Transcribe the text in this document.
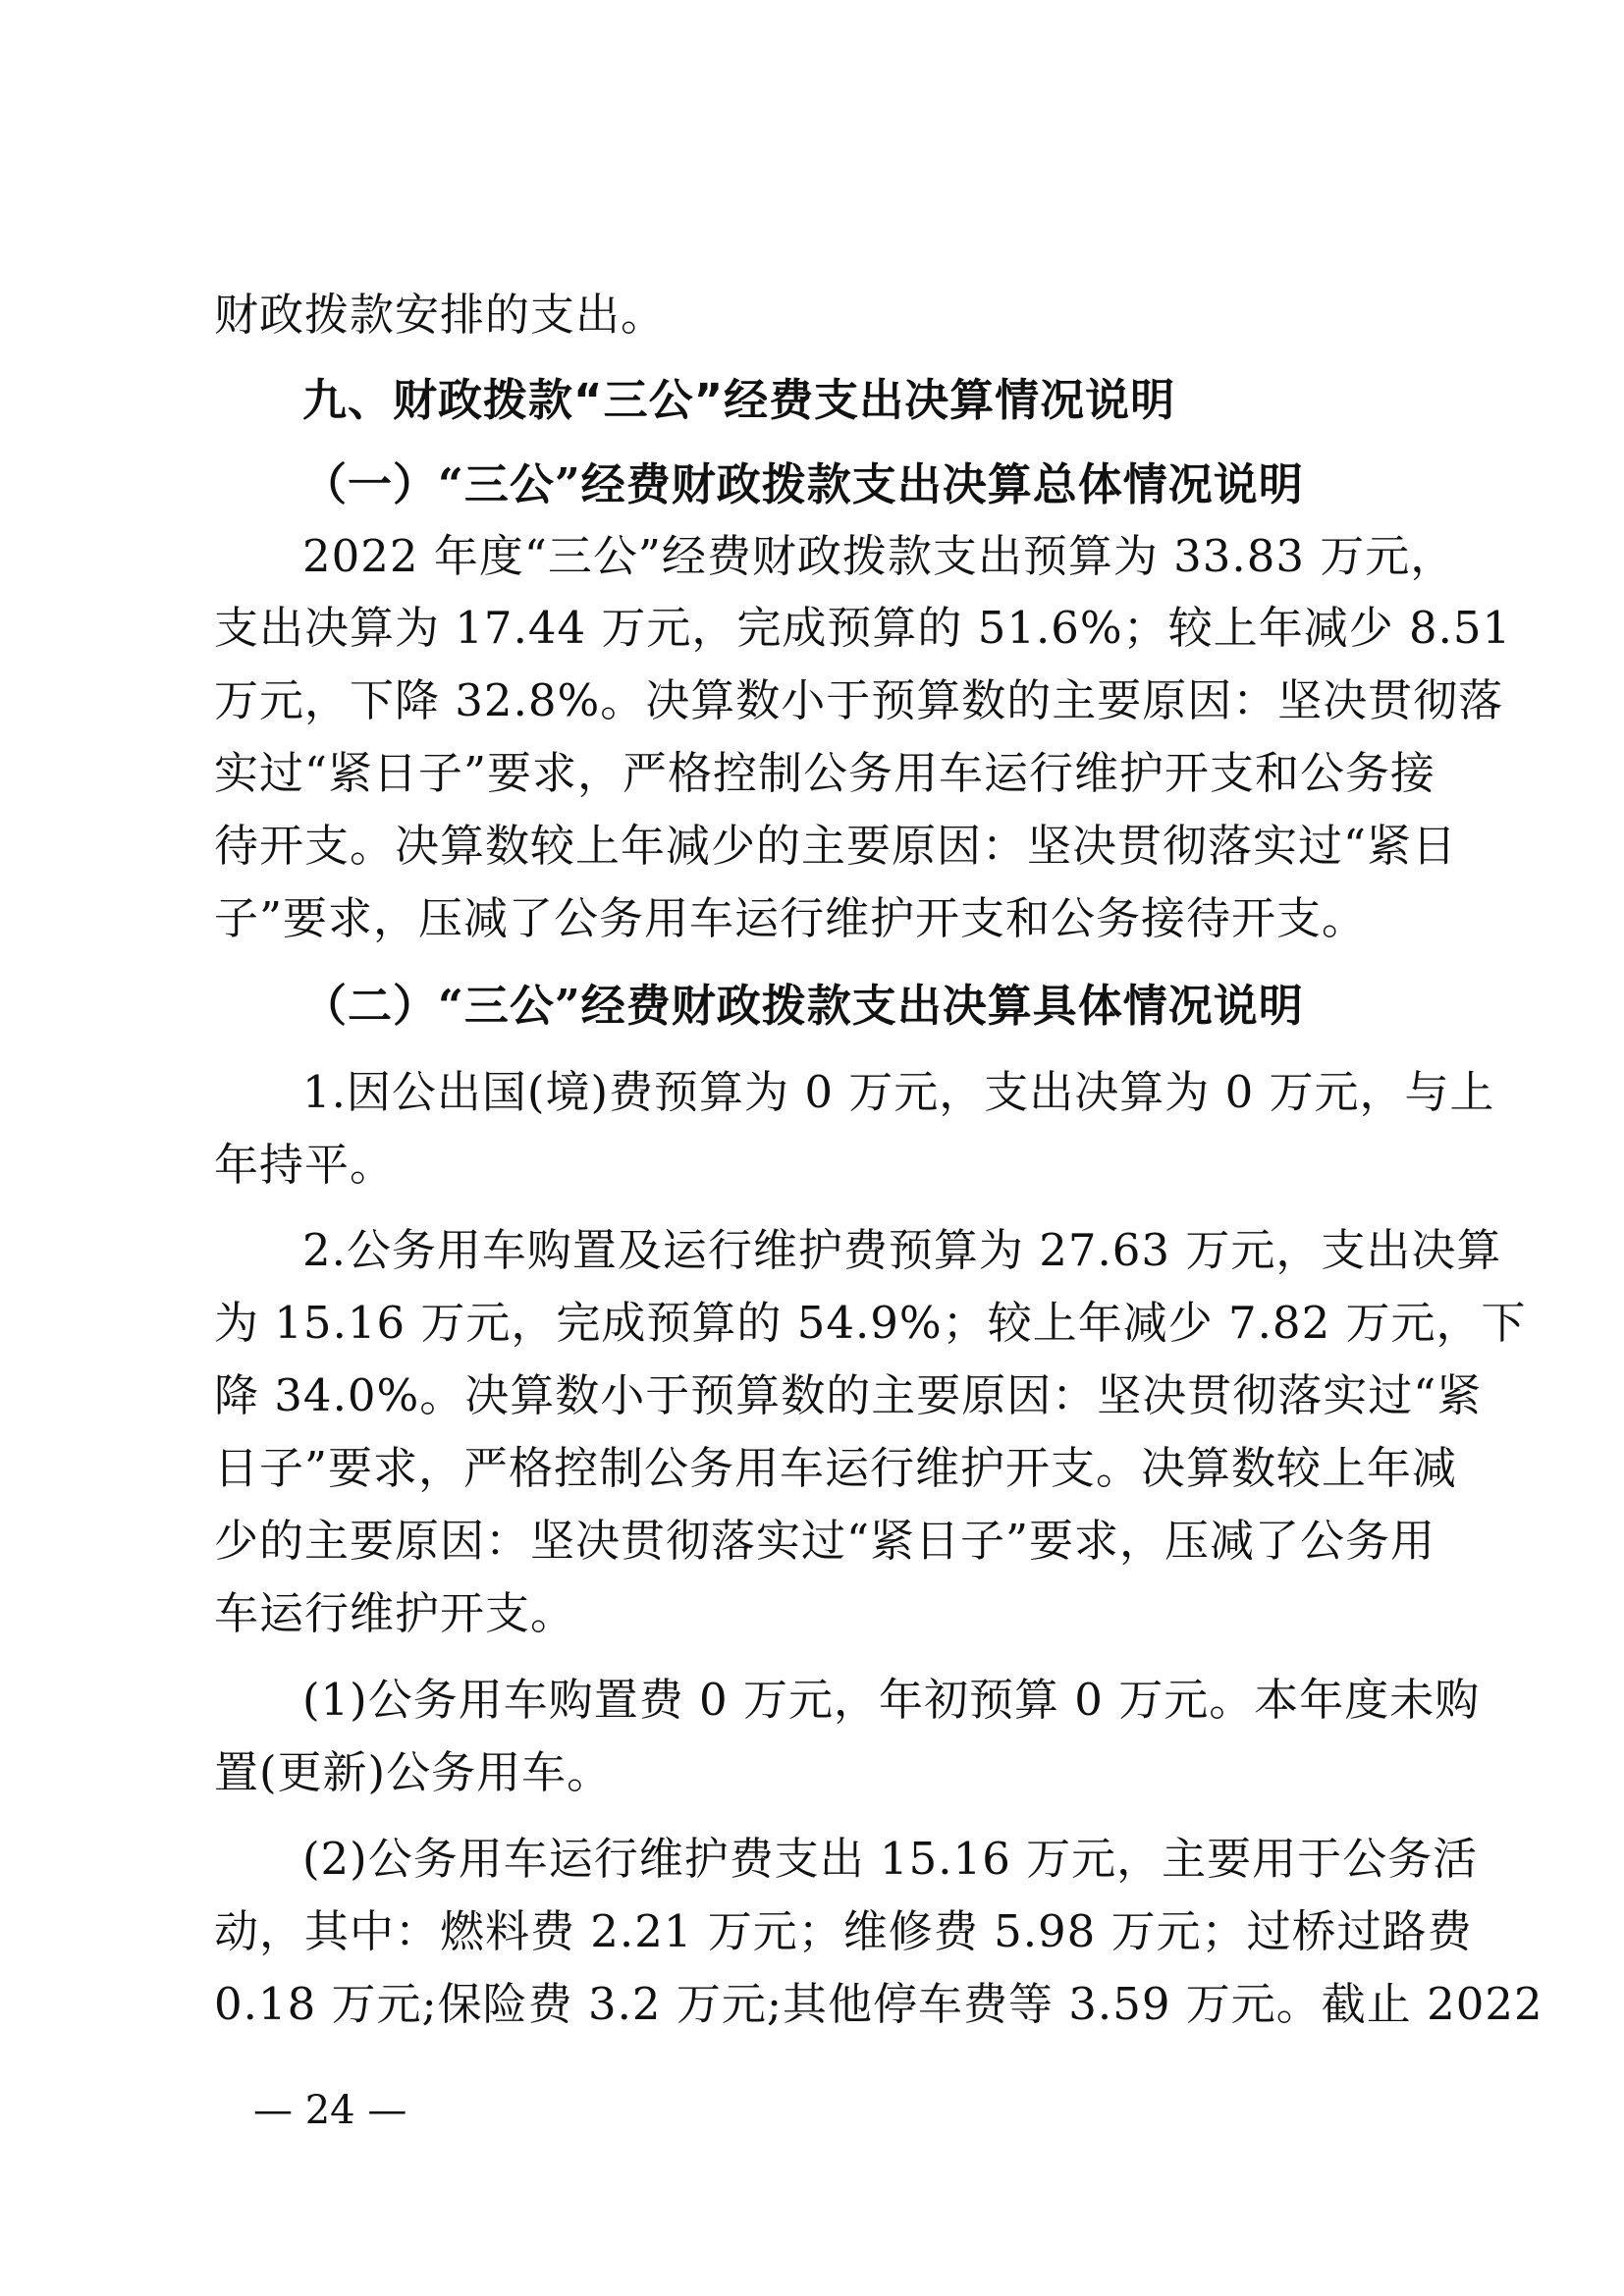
财政拨款安排的支出。
九、财政拨款“三公”经费支出决算情况说明
（一）“三公”经费财政拨款支出决算总体情况说明
2022 年度“三公”经费财政拨款支出预算为 33.83 万元，
支出决算为 17.44 万元，完成预算的 51.6%；较上年减少 8.51
万元，下降 32.8%。决算数小于预算数的主要原因：坚决贯彻落
实过“紧日子”要求，严格控制公务用车运行维护开支和公务接
待开支。决算数较上年减少的主要原因：坚决贯彻落实过“紧日
子”要求，压减了公务用车运行维护开支和公务接待开支。
（二）“三公”经费财政拨款支出决算具体情况说明
1.因公出国(境)费预算为 0 万元，支出决算为 0 万元，与上
年持平。
2.公务用车购置及运行维护费预算为 27.63 万元，支出决算
为 15.16 万元，完成预算的 54.9%；较上年减少 7.82 万元，下
降 34.0%。决算数小于预算数的主要原因：坚决贯彻落实过“紧
日子”要求，严格控制公务用车运行维护开支。决算数较上年减
少的主要原因：坚决贯彻落实过“紧日子”要求，压减了公务用
车运行维护开支。
(1)公务用车购置费 0 万元，年初预算 0 万元。本年度未购
置(更新)公务用车。
(2)公务用车运行维护费支出 15.16 万元，主要用于公务活
动，其中：燃料费 2.21 万元；维修费 5.98 万元；过桥过路费
0.18 万元;保险费 3.2 万元;其他停车费等 3.59 万元。截止 2022
— 24 —
